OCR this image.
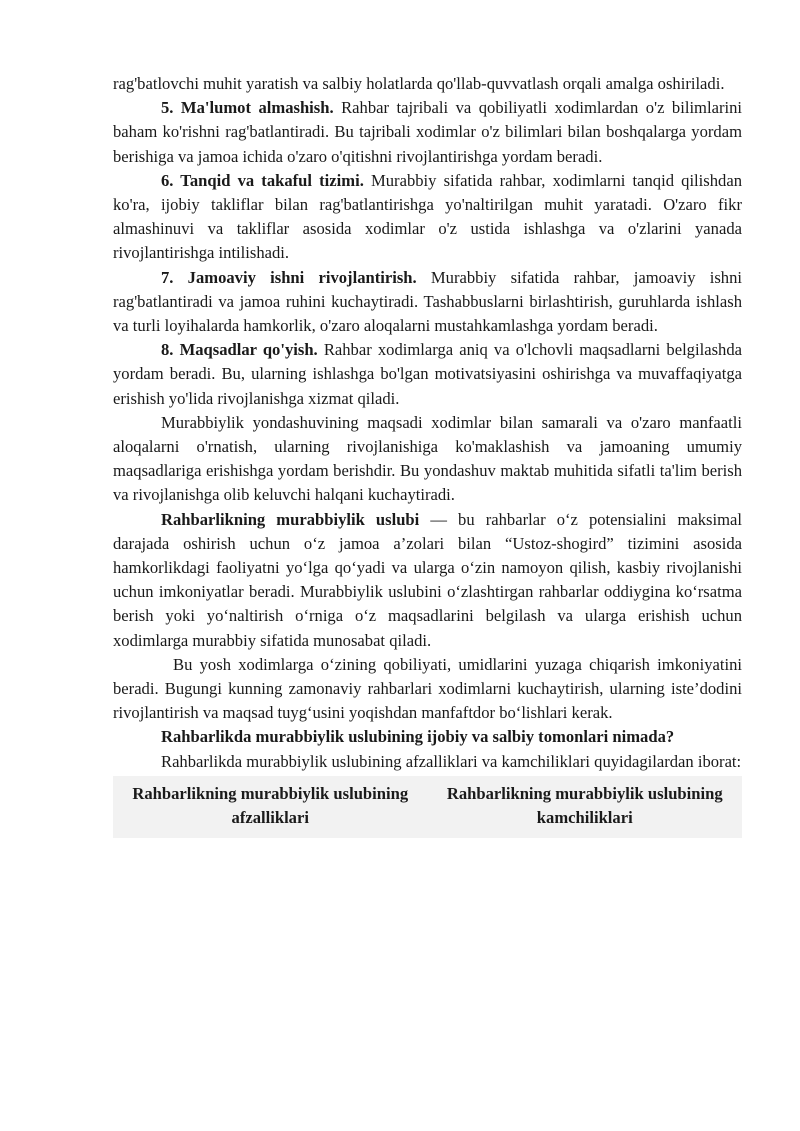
rag'batlovchi muhit yaratish va salbiy holatlarda qo'llab-quvvatlash orqali amalga oshiriladi.

5. Ma'lumot almashish. Rahbar tajribali va qobiliyatli xodimlardan o'z bilimlarini baham ko'rishni rag'batlantiradi. Bu tajribali xodimlar o'z bilimlari bilan boshqalarga yordam berishiga va jamoa ichida o'zaro o'qitishni rivojlantirishga yordam beradi.

6. Tanqid va takaful tizimi. Murabbiy sifatida rahbar, xodimlarni tanqid qilishdan ko'ra, ijobiy takliflar bilan rag'batlantirishga yo'naltirilgan muhit yaratadi. O'zaro fikr almashinuvi va takliflar asosida xodimlar o'z ustida ishlashga va o'zlarini yanada rivojlantirishga intilishadi.

7. Jamoaviy ishni rivojlantirish. Murabbiy sifatida rahbar, jamoaviy ishni rag'batlantiradi va jamoa ruhini kuchaytiradi. Tashabbuslarni birlashtirish, guruhlarda ishlash va turli loyihalarda hamkorlik, o'zaro aloqalarni mustahkamlashga yordam beradi.

8. Maqsadlar qo'yish. Rahbar xodimlarga aniq va o'lchovli maqsadlarni belgilashda yordam beradi. Bu, ularning ishlashga bo'lgan motivatsiyasini oshirishga va muvaffaqiyatga erishish yo'lida rivojlanishga xizmat qiladi.

Murabbiylik yondashuvining maqsadi xodimlar bilan samarali va o'zaro manfaatli aloqalarni o'rnatish, ularning rivojlanishiga ko'maklashish va jamoaning umumiy maqsadlariga erishishga yordam berishdir. Bu yondashuv maktab muhitida sifatli ta'lim berish va rivojlanishga olib keluvchi halqani kuchaytiradi.

Rahbarlikning murabbiylik uslubi — bu rahbarlar o‘z potensialini maksimal darajada oshirish uchun o‘z jamoa a’zolari bilan “Ustoz-shogird” tizimini asosida hamkorlikdagi faoliyatni yo‘lga qo‘yadi va ularga o‘zin namoyon qilish, kasbiy rivojlanishi uchun imkoniyatlar beradi. Murabbiylik uslubini o‘zlashtirgan rahbarlar oddiygina ko‘rsatma berish yoki yo‘naltirish o‘rniga o‘z maqsadlarini belgilash va ularga erishish uchun xodimlarga murabbiy sifatida munosabat qiladi.

Bu yosh xodimlarga o‘zining qobiliyati, umidlarini yuzaga chiqarish imkoniyatini beradi. Bugungi kunning zamonaviy rahbarlari xodimlarni kuchaytirish, ularning iste’dodini rivojlantirish va maqsad tuyg‘usini yoqishdan manfaftdor bo‘lishlari kerak.

Rahbarlikda murabbiylik uslubining ijobiy va salbiy tomonlari nimada?

Rahbarlikda murabbiylik uslubining afzalliklari va kamchiliklari quyidagilardan iborat:

Rahbarlikning murabbiylik uslubining afzalliklari
Rahbarlikning murabbiylik uslubining kamchiliklari
